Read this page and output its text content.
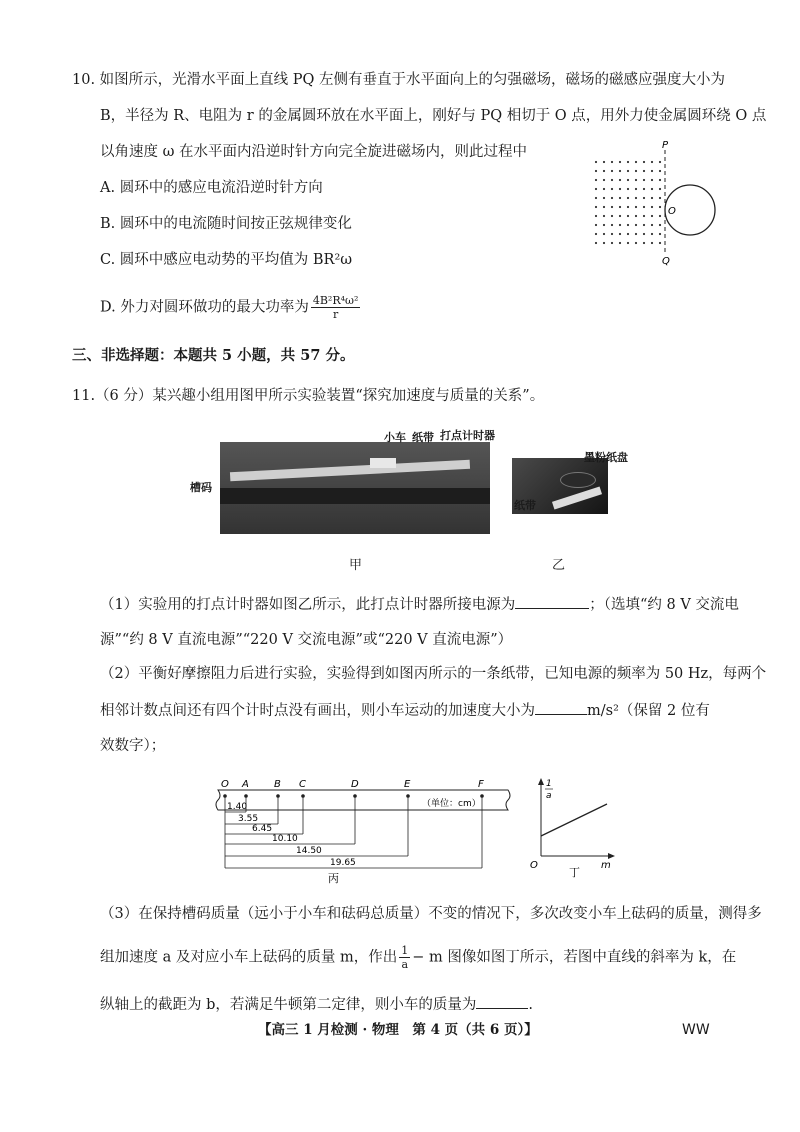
10. 如图所示，光滑水平面上直线 PQ 左侧有垂直于水平面向上的匀强磁场，磁场的磁感应强度大小为
B，半径为 R、电阻为 r 的金属圆环放在水平面上，刚好与 PQ 相切于 O 点，用外力使金属圆环绕 O 点
以角速度 ω 在水平面内沿逆时针方向完全旋进磁场内，则此过程中
A. 圆环中的感应电流沿逆时针方向
B. 圆环中的电流随时间按正弦规律变化
C. 圆环中感应电动势的平均值为 BR²ω
D. 外力对圆环做功的最大功率为 $\frac{\text{4B²R⁴ω²}}{r}$
P
Q
O
三、非选择题：本题共 5 小题，共 57 分。
11.（6 分）某兴趣小组用图甲所示实验装置“探究加速度与质量的关系”。
小车 纸带 打点计时器
槽码
甲
墨粉纸盘
纸带
乙
（1）实验用的打点计时器如图乙所示，此打点计时器所接电源为	；（选填“约 8 V 交流电
源”“约 8 V 直流电源”“220 V 交流电源”或“220 V 直流电源”）
（2）平衡好摩擦阻力后进行实验，实验得到如图丙所示的一条纸带，已知电源的频率为 50 Hz，每两个
相邻计数点间还有四个计时点没有画出，则小车运动的加速度大小为	m/s²（保留 2 位有
效数字）；
O A	B C	D	E	F
（单位：cm）
1.40
3.55
6.45
10.10
14.50
19.65
丙
1
a
m
O
丁
（3）在保持槽码质量（远小于小车和砝码总质量）不变的情况下，多次改变小车上砝码的质量，测得多
组加速度 a 及对应小车上砝码的质量 m，作出 $\frac{1}{a} - m$ 图像如图丁所示，若图中直线的斜率为 k，在
纵轴上的截距为 b，若满足牛顿第二定律，则小车的质量为	.
【高三 1 月检测 · 物理　第 4 页（共 6 页）】	WW
